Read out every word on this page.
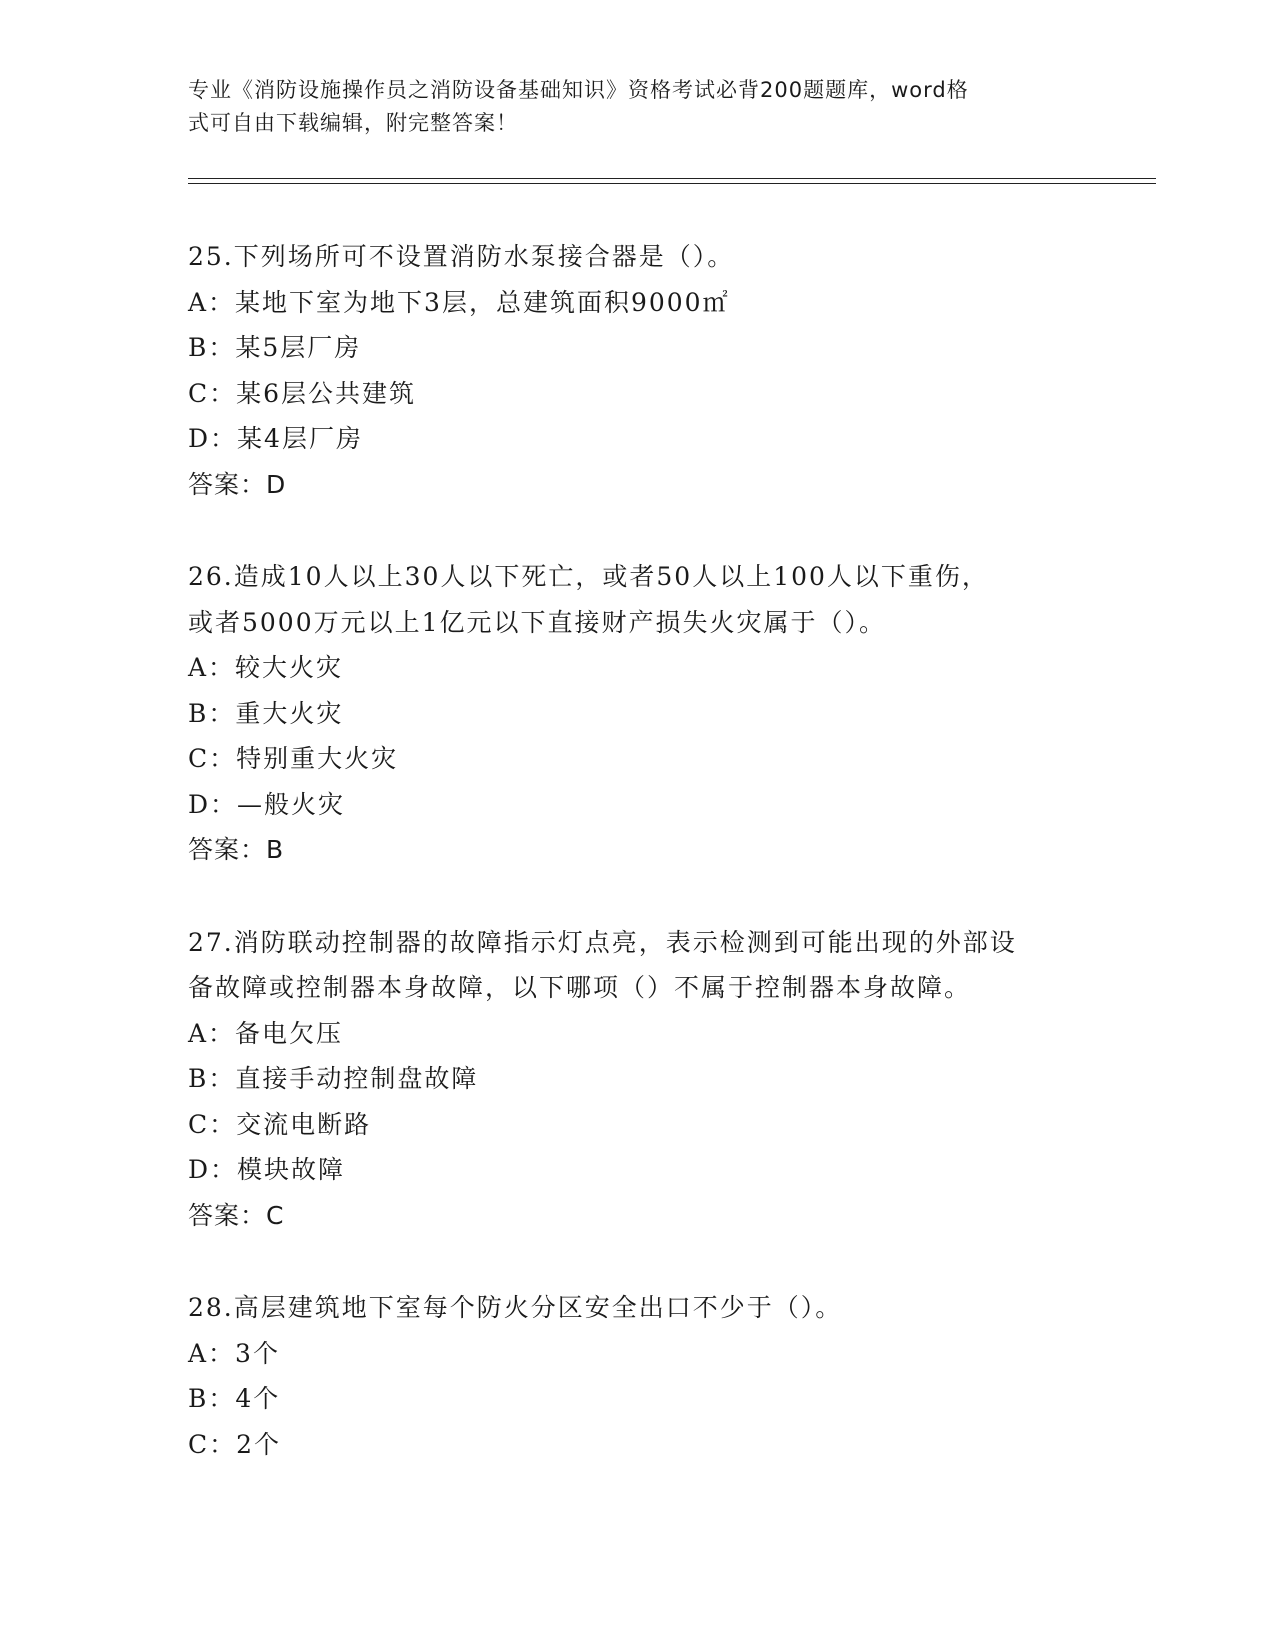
专业《消防设施操作员之消防设备基础知识》资格考试必背200题题库，word格
式可自由下载编辑，附完整答案！
25.下列场所可不设置消防水泵接合器是（）。
A：某地下室为地下3层，总建筑面积9000㎡
B：某5层厂房
C：某6层公共建筑
D：某4层厂房
答案：D
26.造成10人以上30人以下死亡，或者50人以上100人以下重伤，
或者5000万元以上1亿元以下直接财产损失火灾属于（）。
A：较大火灾
B：重大火灾
C：特别重大火灾
D：—般火灾
答案：B
27.消防联动控制器的故障指示灯点亮，表示检测到可能出现的外部设
备故障或控制器本身故障，以下哪项（）不属于控制器本身故障。
A：备电欠压
B：直接手动控制盘故障
C：交流电断路
D：模块故障
答案：C
28.高层建筑地下室每个防火分区安全出口不少于（）。
A：3个
B：4个
C：2个
